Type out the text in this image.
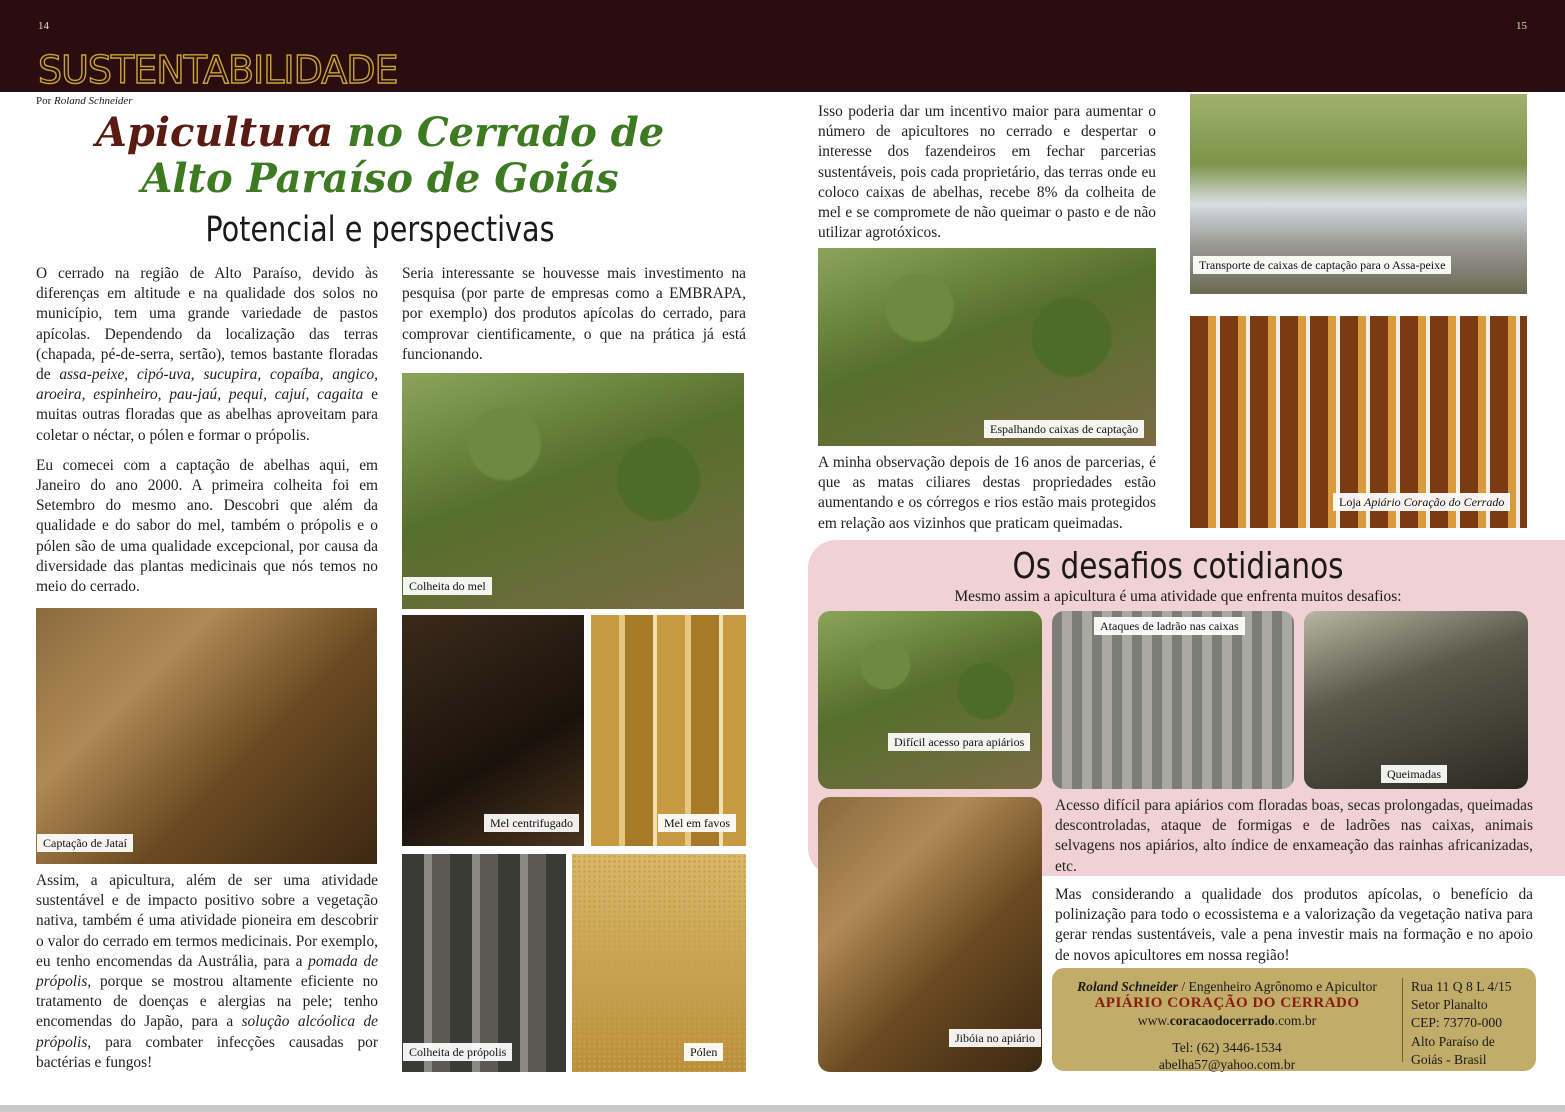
14	15
SUSTENTABILIDADE
Por Roland Schneider
Apicultura no Cerrado de
Alto Paraíso de Goiás
Potencial e perspectivas

O cerrado na região de Alto Paraíso, devido às diferenças em altitude e na qualidade dos solos no município, tem uma grande variedade de pastos apícolas. Dependendo da localização das terras (chapada, pé-de-serra, sertão), temos bastante floradas de assa-peixe, cipó-uva, sucupira, copaíba, angico, aroeira, espinheiro, pau-jaú, pequi, cajuí, cagaita e muitas outras floradas que as abelhas aproveitam para coletar o néctar, o pólen e formar o própolis.

Eu comecei com a captação de abelhas aqui, em Janeiro do ano 2000. A primeira colheita foi em Setembro do mesmo ano. Descobri que além da qualidade e do sabor do mel, também o própolis e o pólen são de uma qualidade excepcional, por causa da diversidade das plantas medicinais que nós temos no meio do cerrado.

Captação de Jataí

Assim, a apicultura, além de ser uma atividade sustentável e de impacto positivo sobre a vegetação nativa, também é uma atividade pioneira em descobrir o valor do cerrado em termos medicinais. Por exemplo, eu tenho encomendas da Austrália, para a pomada de própolis, porque se mostrou altamente eficiente no tratamento de doenças e alergias na pele; tenho encomendas do Japão, para a solução alcóolica de própolis, para combater infecções causadas por bactérias e fungos!

Seria interessante se houvesse mais investimento na pesquisa (por parte de empresas como a EMBRAPA, por exemplo) dos produtos apícolas do cerrado, para comprovar cientificamente, o que na prática já está funcionando.

Colheita do mel
Mel centrifugado	Mel em favos
Colheita de própolis	Pólen

Isso poderia dar um incentivo maior para aumentar o número de apicultores no cerrado e despertar o interesse dos fazendeiros em fechar parcerias sustentáveis, pois cada proprietário, das terras onde eu coloco caixas de abelhas, recebe 8% da colheita de mel e se compromete de não queimar o pasto e de não utilizar agrotóxicos.

Espalhando caixas de captação

A minha observação depois de 16 anos de parcerias, é que as matas ciliares destas propriedades estão aumentando e os córregos e rios estão mais protegidos em relação aos vizinhos que praticam queimadas.

Transporte de caixas de captação para o Assa-peixe
Loja Apiário Coração do Cerrado
Os desafios cotidianos
Mesmo assim a apicultura é uma atividade que enfrenta muitos desafios:
Difícil acesso para apiários
Ataques de ladrão nas caixas
Queimadas
Jibóia no apiário

Acesso difícil para apiários com floradas boas, secas prolongadas, queimadas descontroladas, ataque de formigas e de ladrões nas caixas, animais selvagens nos apiários, alto índice de enxameação das rainhas africanizadas, etc.

Mas considerando a qualidade dos produtos apícolas, o benefício da polinização para todo o ecossistema e a valorização da vegetação nativa para gerar rendas sustentáveis, vale a pena investir mais na formação e no apoio de novos apicultores em nossa região!

Roland Schneider / Engenheiro Agrônomo e Apicultor
APIÁRIO CORAÇÃO DO CERRADO
www.coracaodocerrado.com.br
Tel: (62) 3446-1534
abelha57@yahoo.com.br
Rua 11 Q 8 L 4/15
Setor Planalto
CEP: 73770-000
Alto Paraíso de
Goiás - Brasil
